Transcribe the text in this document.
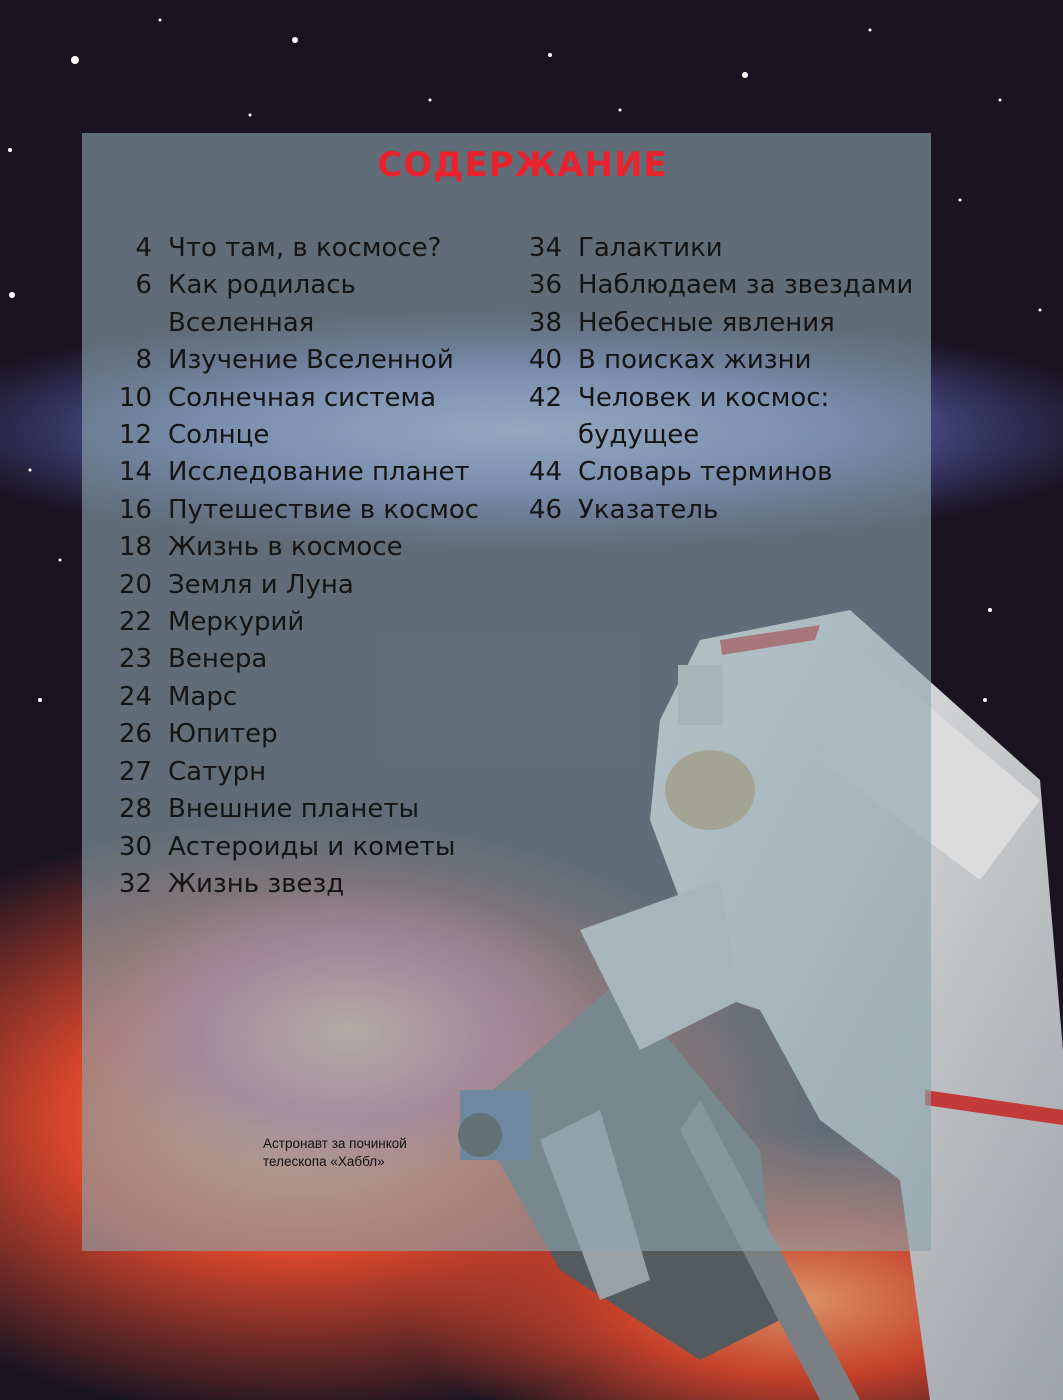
СОДЕРЖАНИЕ
4 Что там, в космосе?
6 Как родилась Вселенная
8 Изучение Вселенной
10 Солнечная система
12 Солнце
14 Исследование планет
16 Путешествие в космос
18 Жизнь в космосе
20 Земля и Луна
22 Меркурий
23 Венера
24 Марс
26 Юпитер
27 Сатурн
28 Внешние планеты
30 Астероиды и кометы
32 Жизнь звезд
34 Галактики
36 Наблюдаем за звездами
38 Небесные явления
40 В поисках жизни
42 Человек и космос: будущее
44 Словарь терминов
46 Указатель
Астронавт за починкой
телескопа «Хаббл»
